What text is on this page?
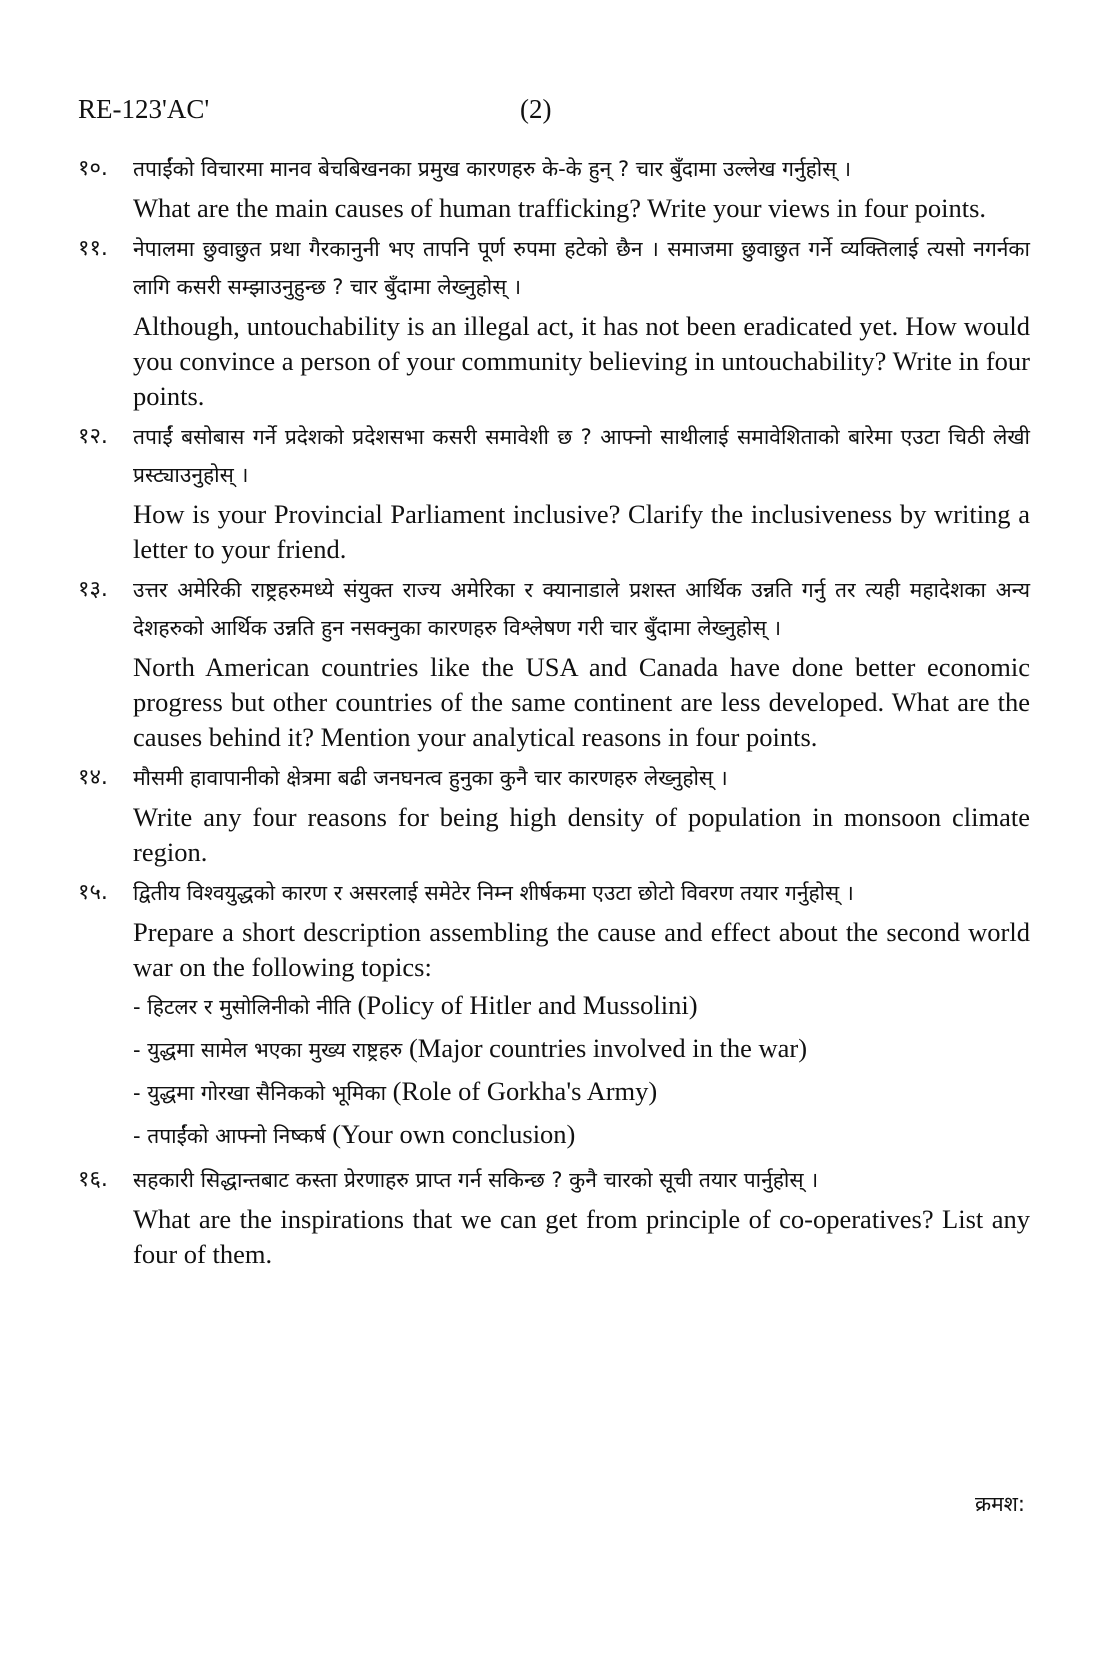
RE-123'AC'	(2)
१०. तपाईंको विचारमा मानव बेचबिखनका प्रमुख कारणहरु के-के हुन् ? चार बुँदामा उल्लेख गर्नुहोस् ।
What are the main causes of human trafficking? Write your views in four points.
११. नेपालमा छुवाछुत प्रथा गैरकानुनी भए तापनि पूर्ण रुपमा हटेको छैन । समाजमा छुवाछुत गर्ने व्यक्तिलाई त्यसो नगर्नका लागि कसरी सम्झाउनुहुन्छ ? चार बुँदामा लेख्नुहोस् ।
Although, untouchability is an illegal act, it has not been eradicated yet. How would you convince a person of your community believing in untouchability? Write in four points.
१२. तपाईं बसोबास गर्ने प्रदेशको प्रदेशसभा कसरी समावेशी छ ? आफ्नो साथीलाई समावेशिताको बारेमा एउटा चिठी लेखी प्रस्ट्याउनुहोस् ।
How is your Provincial Parliament inclusive? Clarify the inclusiveness by writing a letter to your friend.
१३. उत्तर अमेरिकी राष्ट्रहरुमध्ये संयुक्त राज्य अमेरिका र क्यानाडाले प्रशस्त आर्थिक उन्नति गर्नु तर त्यही महादेशका अन्य देशहरुको आर्थिक उन्नति हुन नसक्नुका कारणहरु विश्लेषण गरी चार बुँदामा लेख्नुहोस् ।
North American countries like the USA and Canada have done better economic progress but other countries of the same continent are less developed. What are the causes behind it? Mention your analytical reasons in four points.
१४. मौसमी हावापानीको क्षेत्रमा बढी जनघनत्व हुनुका कुनै चार कारणहरु लेख्नुहोस् ।
Write any four reasons for being high density of population in monsoon climate region.
१५. द्वितीय विश्वयुद्धको कारण र असरलाई समेटेर निम्न शीर्षकमा एउटा छोटो विवरण तयार गर्नुहोस् ।
Prepare a short description assembling the cause and effect about the second world war on the following topics:
- हिटलर र मुसोलिनीको नीति (Policy of Hitler and Mussolini)
- युद्धमा सामेल भएका मुख्य राष्ट्रहरु (Major countries involved in the war)
- युद्धमा गोरखा सैनिकको भूमिका (Role of Gorkha's Army)
- तपाईंको आफ्नो निष्कर्ष (Your own conclusion)
१६. सहकारी सिद्धान्तबाट कस्ता प्रेरणाहरु प्राप्त गर्न सकिन्छ ? कुनै चारको सूची तयार पार्नुहोस् ।
What are the inspirations that we can get from principle of co-operatives? List any four of them.
क्रमश:
